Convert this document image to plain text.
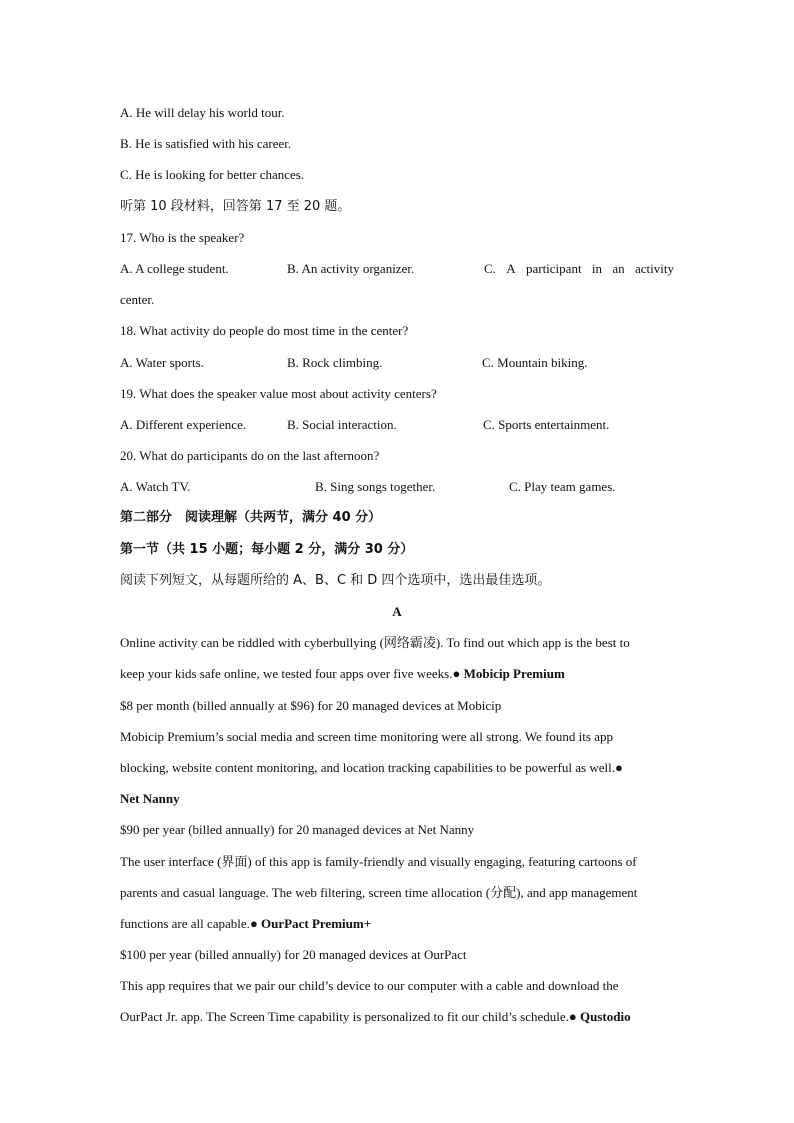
A. He will delay his world tour.
B. He is satisfied with his career.
C. He is looking for better chances.
听第 10 段材料，回答第 17 至 20 题。
17. Who is the speaker?
A. A college student.	B. An activity organizer.	C. A participant in an activity
center.
18. What activity do people do most time in the center?
A. Water sports.	B. Rock climbing.	C. Mountain biking.
19. What does the speaker value most about activity centers?
A. Different experience.	B. Social interaction.	C. Sports entertainment.
20. What do participants do on the last afternoon?
A. Watch TV.	B. Sing songs together.	C. Play team games.
第二部分　阅读理解（共两节，满分 40 分）
第一节（共 15 小题；每小题 2 分，满分 30 分）
阅读下列短文，从每题所给的 A、B、C 和 D 四个选项中，选出最佳选项。
A
Online activity can be riddled with cyberbullying (网络霸凌). To find out which app is the best to
keep your kids safe online, we tested four apps over five weeks.● Mobicip Premium
$8 per month (billed annually at $96) for 20 managed devices at Mobicip
Mobicip Premium’s social media and screen time monitoring were all strong. We found its app
blocking, website content monitoring, and location tracking capabilities to be powerful as well.●
Net Nanny
$90 per year (billed annually) for 20 managed devices at Net Nanny
The user interface (界面) of this app is family-friendly and visually engaging, featuring cartoons of
parents and casual language. The web filtering, screen time allocation (分配), and app management
functions are all capable.● OurPact Premium+
$100 per year (billed annually) for 20 managed devices at OurPact
This app requires that we pair our child’s device to our computer with a cable and download the
OurPact Jr. app. The Screen Time capability is personalized to fit our child’s schedule.● Qustodio
